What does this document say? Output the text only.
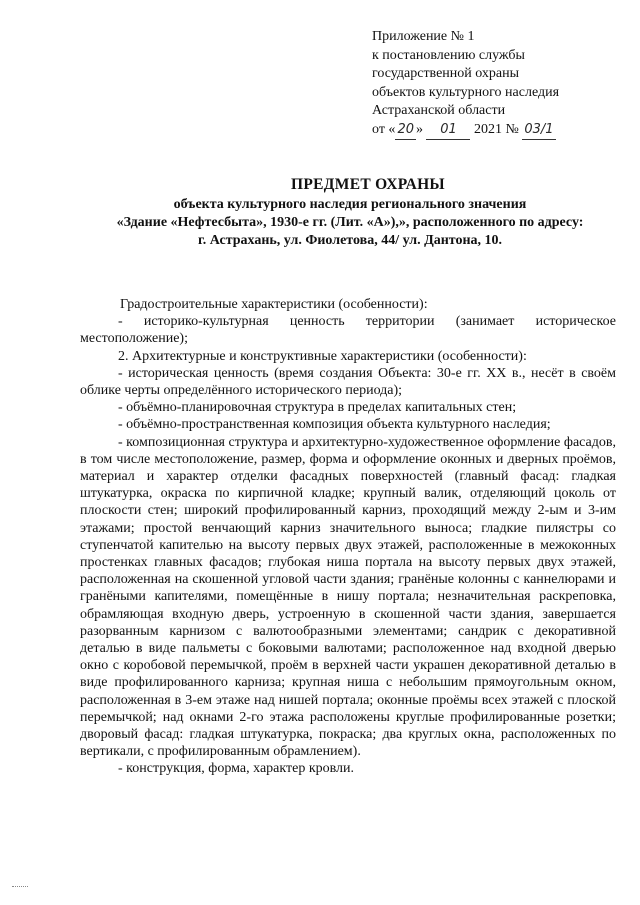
Приложение № 1
к постановлению службы
государственной охраны
объектов культурного наследия
Астраханской области
от « 20 » 01 2021 № 03/1
ПРЕДМЕТ ОХРАНЫ
объекта культурного наследия регионального значения
«Здание «Нефтесбыта», 1930-е гг. (Лит. «А»),», расположенного по адресу:
г. Астрахань, ул. Фиолетова, 44/ ул. Дантона, 10.

Градостроительные характеристики (особенности):

- историко-культурная ценность территории (занимает историческое местоположение);

2. Архитектурные и конструктивные характеристики (особенности):

- историческая ценность (время создания Объекта: 30-е гг. XX в., несёт в своём облике черты определённого исторического периода);

- объёмно-планировочная структура в пределах капитальных стен;

- объёмно-пространственная композиция объекта культурного наследия;

- композиционная структура и архитектурно-художественное оформление фасадов, в том числе местоположение, размер, форма и оформление оконных и дверных проёмов, материал и характер отделки фасадных поверхностей (главный фасад: гладкая штукатурка, окраска по кирпичной кладке; крупный валик, отделяющий цоколь от плоскости стен; широкий профилированный карниз, проходящий между 2-ым и 3-им этажами; простой венчающий карниз значительного выноса; гладкие пилястры со ступенчатой капителью на высоту первых двух этажей, расположенные в межоконных простенках главных фасадов; глубокая ниша портала на высоту первых двух этажей, расположенная на скошенной угловой части здания; гранёные колонны с каннелюрами и гранёными капителями, помещённые в нишу портала; незначительная раскреповка, обрамляющая входную дверь, устроенную в скошенной части здания, завершается разорванным карнизом с валютообразными элементами; сандрик с декоративной деталью в виде пальметы с боковыми валютами; расположенное над входной дверью окно с коробовой перемычкой, проём в верхней части украшен декоративной деталью в виде профилированного карниза; крупная ниша с небольшим прямоугольным окном, расположенная в 3-ем этаже над нишей портала; оконные проёмы всех этажей с плоской перемычкой; над окнами 2-го этажа расположены круглые профилированные розетки; дворовый фасад: гладкая штукатурка, покраска; два круглых окна, расположенных по вертикали, с профилированным обрамлением).

- конструкция, форма, характер кровли.
